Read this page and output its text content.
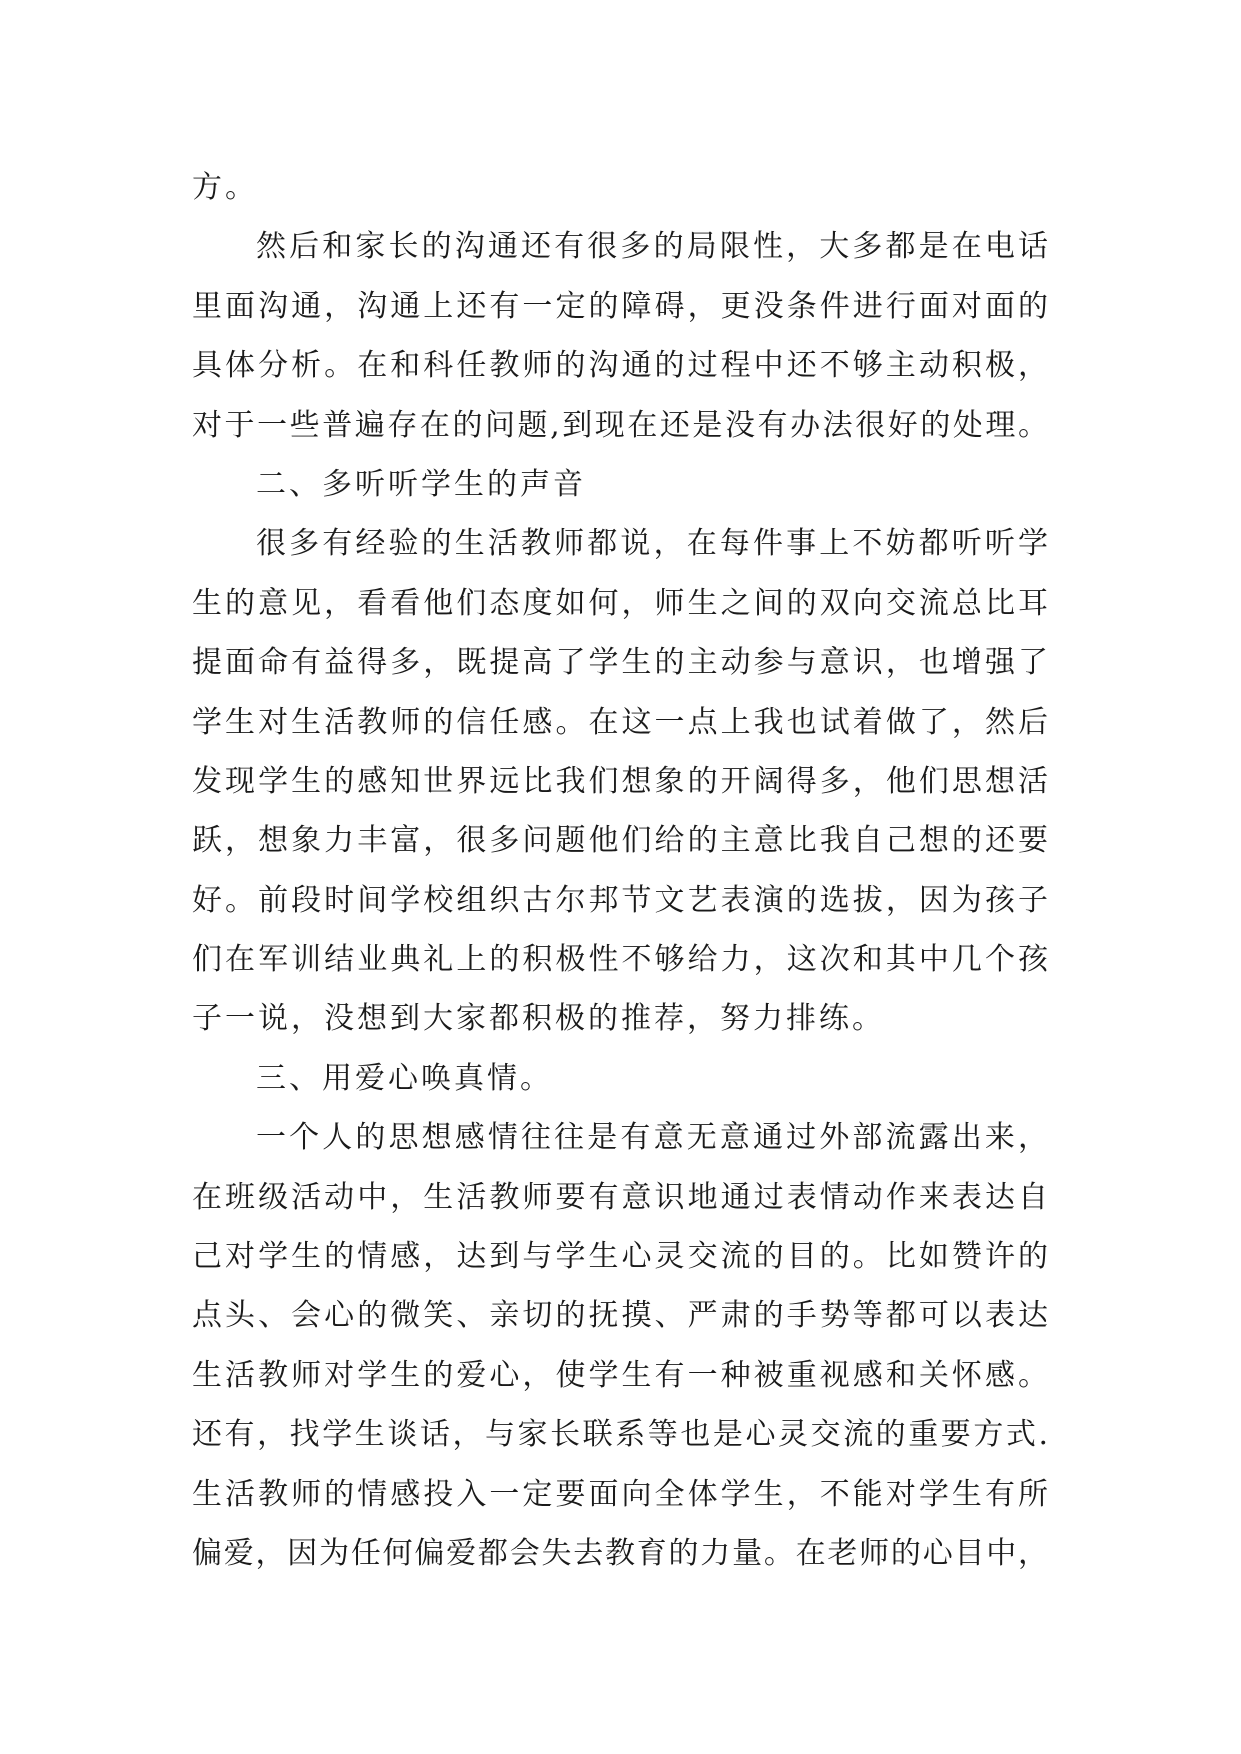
方。
然后和家长的沟通还有很多的局限性，大多都是在电话
里面沟通，沟通上还有一定的障碍，更没条件进行面对面的
具体分析。在和科任教师的沟通的过程中还不够主动积极，
对于一些普遍存在的问题,到现在还是没有办法很好的处理。
二、多听听学生的声音
很多有经验的生活教师都说，在每件事上不妨都听听学
生的意见，看看他们态度如何，师生之间的双向交流总比耳
提面命有益得多，既提高了学生的主动参与意识，也增强了
学生对生活教师的信任感。在这一点上我也试着做了，然后
发现学生的感知世界远比我们想象的开阔得多，他们思想活
跃，想象力丰富，很多问题他们给的主意比我自己想的还要
好。前段时间学校组织古尔邦节文艺表演的选拔，因为孩子
们在军训结业典礼上的积极性不够给力，这次和其中几个孩
子一说，没想到大家都积极的推荐，努力排练。
三、用爱心唤真情。
一个人的思想感情往往是有意无意通过外部流露出来，
在班级活动中，生活教师要有意识地通过表情动作来表达自
己对学生的情感，达到与学生心灵交流的目的。比如赞许的
点头、会心的微笑、亲切的抚摸、严肃的手势等都可以表达
生活教师对学生的爱心，使学生有一种被重视感和关怀感。
还有，找学生谈话，与家长联系等也是心灵交流的重要方式.
生活教师的情感投入一定要面向全体学生，不能对学生有所
偏爱，因为任何偏爱都会失去教育的力量。在老师的心目中，
